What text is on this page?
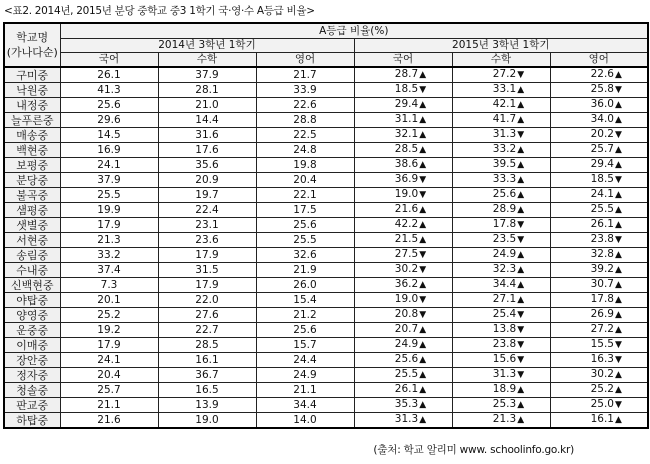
<표2. 2014년, 2015년 분당 중학교 중3 1학기 국·영·수 A등급 비율>
학교명
(가나다순)	A등급 비율(%)					
	2014년 3학년 1학기			2015년 3학년 1학기		
	국어	수학	영어	국어	수학	영어
구미중	26.1	37.9	21.7	28.7▲	27.2▼	22.6▲
낙원중	41.3	28.1	33.9	18.5▼	33.1▲	25.8▼
내정중	25.6	21.0	22.6	29.4▲	42.1▲	36.0▲
늘푸른중	29.6	14.4	28.8	31.1▲	41.7▲	34.0▲
매송중	14.5	31.6	22.5	32.1▲	31.3▼	20.2▼
백현중	16.9	17.6	24.8	28.5▲	33.2▲	25.7▲
보평중	24.1	35.6	19.8	38.6▲	39.5▲	29.4▲
분당중	37.9	20.9	20.4	36.9▼	33.3▲	18.5▼
불곡중	25.5	19.7	22.1	19.0▼	25.6▲	24.1▲
샘평중	19.9	22.4	17.5	21.6▲	28.9▲	25.5▲
샛별중	17.9	23.1	25.6	42.2▲	17.8▼	26.1▲
서현중	21.3	23.6	25.5	21.5▲	23.5▼	23.8▼
송림중	33.2	17.9	32.6	27.5▼	24.9▲	32.8▲
수내중	37.4	31.5	21.9	30.2▼	32.3▲	39.2▲
신백현중	7.3	17.9	26.0	36.2▲	34.4▲	30.7▲
야탑중	20.1	22.0	15.4	19.0▼	27.1▲	17.8▲
양영중	25.2	27.6	21.2	20.8▼	25.4▼	26.9▲
운중중	19.2	22.7	25.6	20.7▲	13.8▼	27.2▲
이매중	17.9	28.5	15.7	24.9▲	23.8▼	15.5▼
장안중	24.1	16.1	24.4	25.6▲	15.6▼	16.3▼
정자중	20.4	36.7	24.9	25.5▲	31.3▼	30.2▲
청솔중	25.7	16.5	21.1	26.1▲	18.9▲	25.2▲
판교중	21.1	13.9	34.4	35.3▲	25.3▲	25.0▼
하탑중	21.6	19.0	14.0	31.3▲	21.3▲	16.1▲
(출처: 학교 알리미 www. schoolinfo.go.kr)
